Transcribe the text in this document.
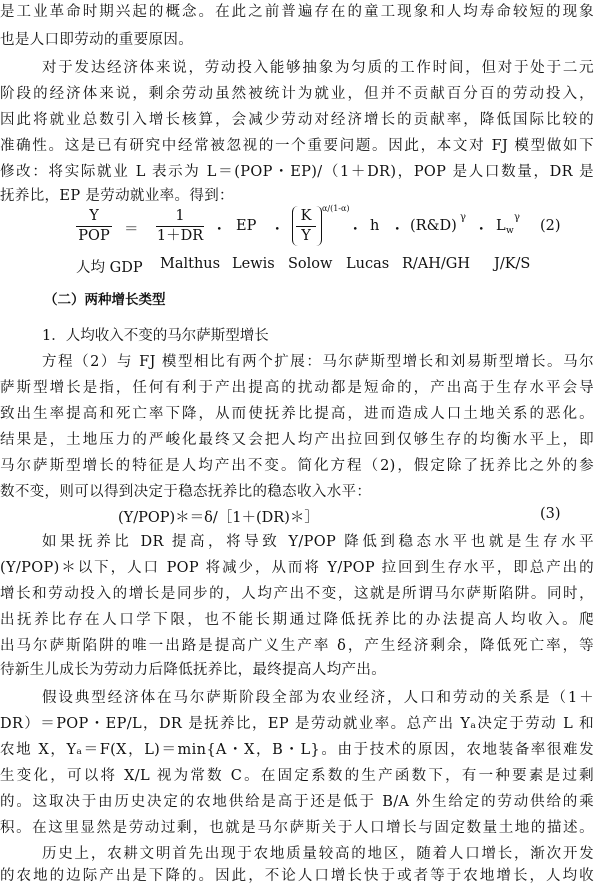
是工业革命时期兴起的概念。在此之前普遍存在的童工现象和人均寿命较短的现象
也是人口即劳动的重要原因。
对于发达经济体来说，劳动投入能够抽象为匀质的工作时间，但对于处于二元
阶段的经济体来说，剩余劳动虽然被统计为就业，但并不贡献百分百的劳动投入，
因此将就业总数引入增长核算，会减少劳动对经济增长的贡献率，降低国际比较的
准确性。这是已有研究中经常被忽视的一个重要问题。因此，本文对 FJ 模型做如下
修改：将实际就业 L 表示为 L＝(POP・EP)/（1＋DR)，POP 是人口数量，DR 是
抚养比，EP 是劳动就业率。得到：
Y
POP ＝
1
1＋DR ・ EP ・
K
Y
α/(1-α)
・ h ・ (R&D)
γ
・ L w
γ
(2)
人均 GDP Malthus Lewis Solow Lucas R/AH/GH J/K/S
（二）两种增长类型
1．人均收入不变的马尔萨斯型增长
方程（2）与 FJ 模型相比有两个扩展：马尔萨斯型增长和刘易斯型增长。马尔
萨斯型增长是指，任何有利于产出提高的扰动都是短命的，产出高于生存水平会导
致出生率提高和死亡率下降，从而使抚养比提高，进而造成人口土地关系的恶化。
结果是，土地压力的严峻化最终又会把人均产出拉回到仅够生存的均衡水平上，即
马尔萨斯型增长的特征是人均产出不变。简化方程（2)，假定除了抚养比之外的参
数不变，则可以得到决定于稳态抚养比的稳态收入水平：
(Y/POP)＊＝δ/［1＋(DR)＊］	(3)
如果抚养比 DR 提高，将导致 Y/POP 降低到稳态水平也就是生存水平
(Y/POP)＊以下，人口 POP 将减少，从而将 Y/POP 拉回到生存水平，即总产出的
增长和劳动投入的增长是同步的，人均产出不变，这就是所谓马尔萨斯陷阱。同时，
出抚养比存在人口学下限，也不能长期通过降低抚养比的办法提高人均收入。爬
出马尔萨斯陷阱的唯一出路是提高广义生产率 δ，产生经济剩余，降低死亡率，等
待新生儿成长为劳动力后降低抚养比，最终提高人均产出。
假设典型经济体在马尔萨斯阶段全部为农业经济，人口和劳动的关系是（1＋
DR）＝POP・EP/L，DR 是抚养比，EP 是劳动就业率。总产出 Yₐ决定于劳动 L 和
农地 X，Yₐ＝F(X，L)＝min{A・X，B・L}。由于技术的原因，农地装备率很难发
生变化，可以将 X/L 视为常数 C。在固定系数的生产函数下，有一种要素是过剩
的。这取决于由历史决定的农地供给是高于还是低于 B/A 外生给定的劳动供给的乘
积。在这里显然是劳动过剩，也就是马尔萨斯关于人口增长与固定数量土地的描述。
历史上，农耕文明首先出现于农地质量较高的地区，随着人口增长，渐次开发
的农地的边际产出是下降的。因此，不论人口增长快于或者等于农地增长，人均收
